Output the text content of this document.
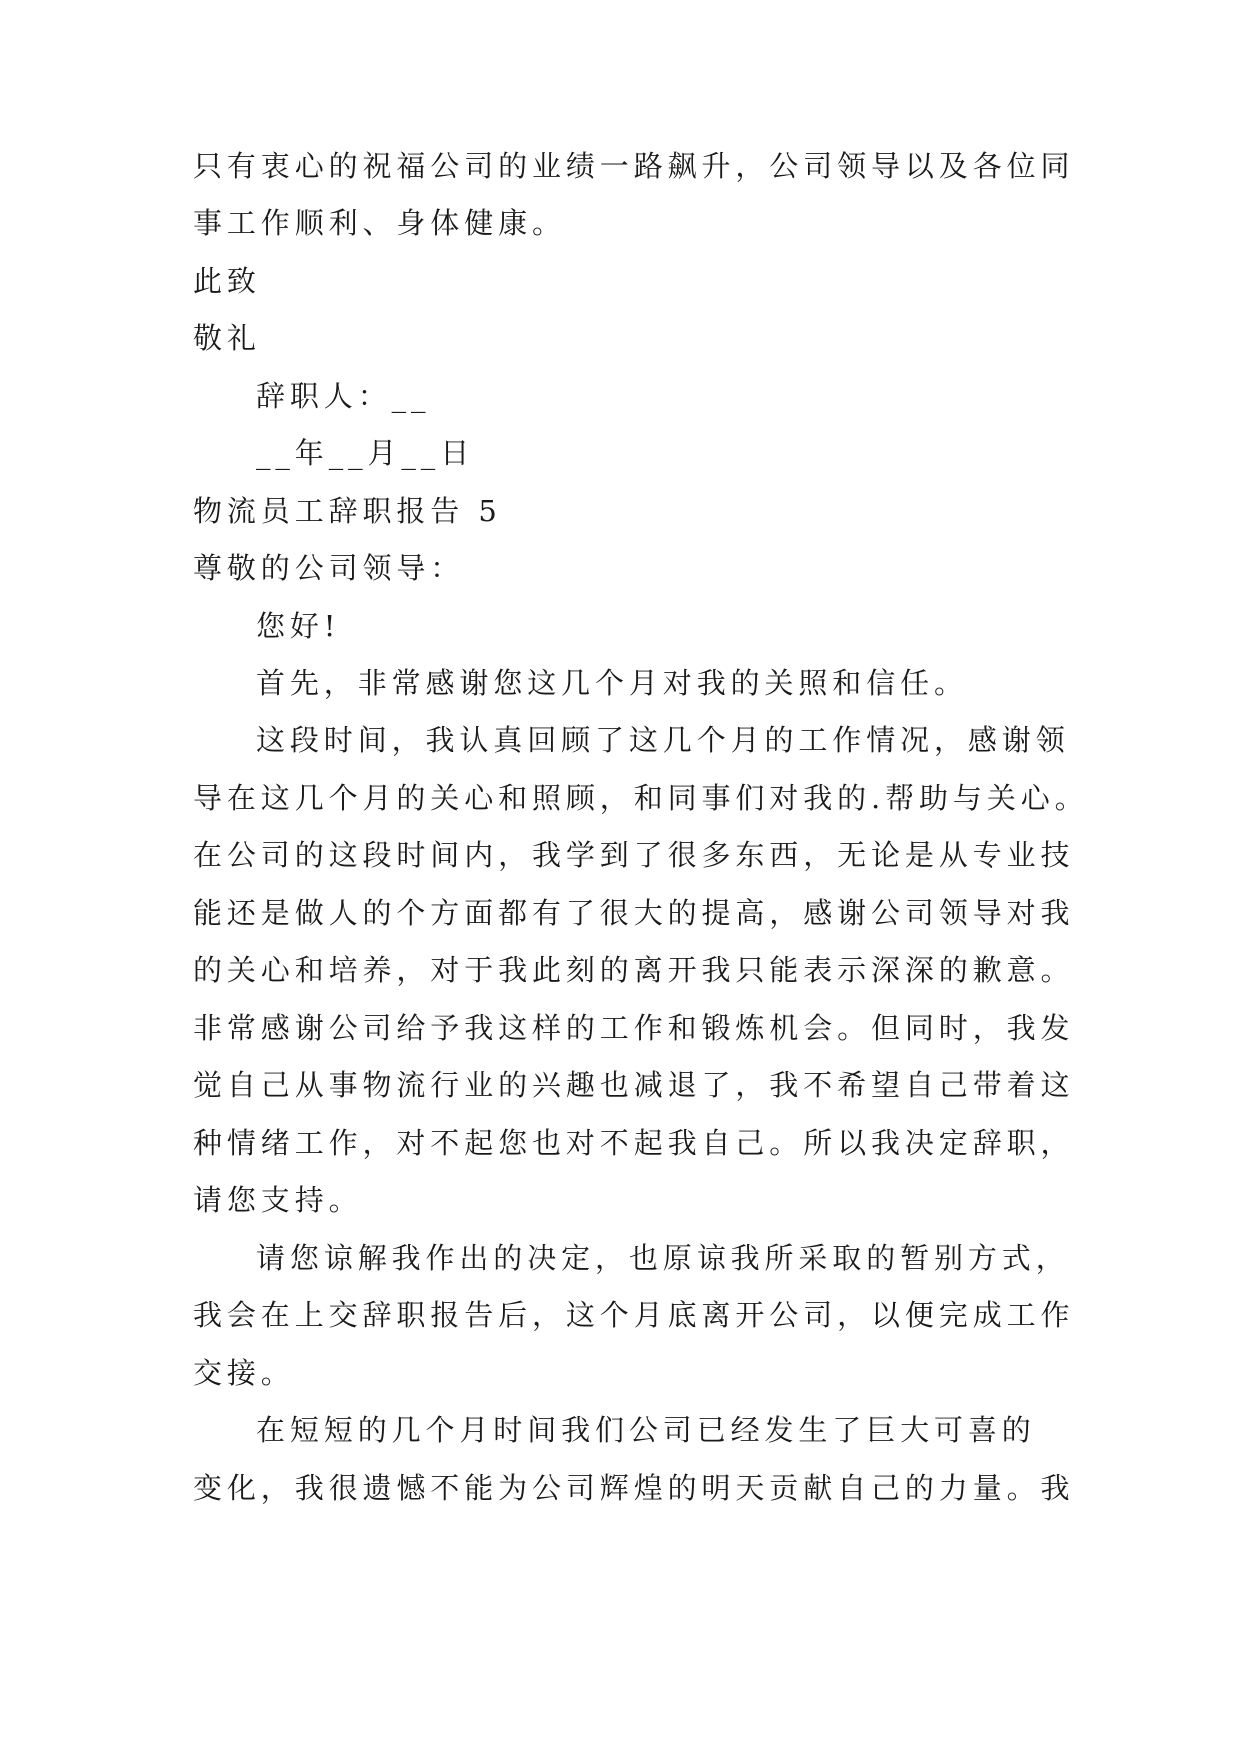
只有衷心的祝福公司的业绩一路飙升，公司领导以及各位同

事工作顺利、身体健康。

此致

敬礼

辞职人：__

__年__月__日

物流员工辞职报告 5

尊敬的公司领导：

您好!

首先，非常感谢您这几个月对我的关照和信任。

这段时间，我认真回顾了这几个月的工作情况，感谢领

导在这几个月的关心和照顾，和同事们对我的.帮助与关心。

在公司的这段时间内，我学到了很多东西，无论是从专业技

能还是做人的个方面都有了很大的提高，感谢公司领导对我

的关心和培养，对于我此刻的离开我只能表示深深的歉意。

非常感谢公司给予我这样的工作和锻炼机会。但同时，我发

觉自己从事物流行业的兴趣也减退了，我不希望自己带着这

种情绪工作，对不起您也对不起我自己。所以我决定辞职，

请您支持。

请您谅解我作出的决定，也原谅我所采取的暂别方式，

我会在上交辞职报告后，这个月底离开公司，以便完成工作

交接。

在短短的几个月时间我们公司已经发生了巨大可喜的

变化，我很遗憾不能为公司辉煌的明天贡献自己的力量。我
